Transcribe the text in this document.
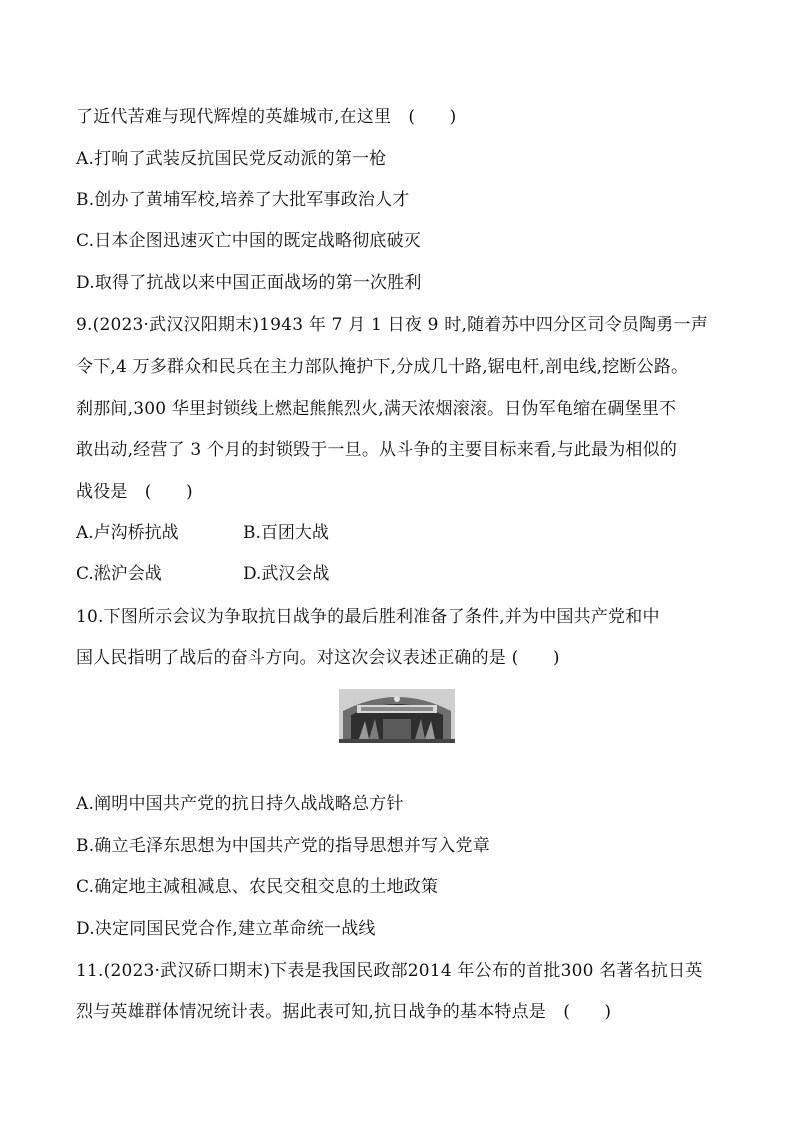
了近代苦难与现代辉煌的英雄城市,在这里　(　　)
A.打响了武装反抗国民党反动派的第一枪
B.创办了黄埔军校,培养了大批军事政治人才
C.日本企图迅速灭亡中国的既定战略彻底破灭
D.取得了抗战以来中国正面战场的第一次胜利
9.(2023·武汉汉阳期末)1943 年 7 月 1 日夜 9 时,随着苏中四分区司令员陶勇一声
令下,4 万多群众和民兵在主力部队掩护下,分成几十路,锯电杆,剖电线,挖断公路。
刹那间,300 华里封锁线上燃起熊熊烈火,满天浓烟滚滚。日伪军龟缩在碉堡里不
敢出动,经营了 3 个月的封锁毁于一旦。从斗争的主要目标来看,与此最为相似的
战役是　(　　)
A.卢沟桥抗战	B.百团大战
C.淞沪会战	D.武汉会战
10.下图所示会议为争取抗日战争的最后胜利准备了条件,并为中国共产党和中
国人民指明了战后的奋斗方向。对这次会议表述正确的是 (　　)
A.阐明中国共产党的抗日持久战战略总方针
B.确立毛泽东思想为中国共产党的指导思想并写入党章
C.确定地主减租减息、农民交租交息的土地政策
D.决定同国民党合作,建立革命统一战线
11.(2023·武汉硚口期末)下表是我国民政部2014 年公布的首批300 名著名抗日英
烈与英雄群体情况统计表。据此表可知,抗日战争的基本特点是　(　　)
